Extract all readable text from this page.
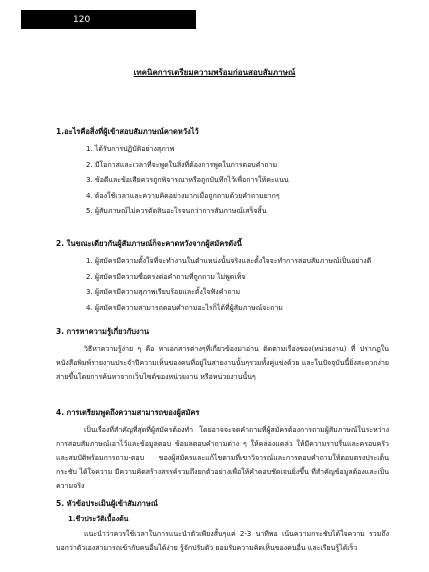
120
เทคนิคการเตรียมความพร้อมก่อนสอบสัมภาษณ์
1.อะไรคือสิ่งที่ผู้เข้าสอบสัมภาษณ์คาดหวังไว้
1. ได้รับการปฏิบัติอย่างสุภาพ
2. มีโอกาสและเวลาที่จะพูดในสิ่งที่ต้องการพูดในการตอบคำถาม
3. ข้อดีและข้อเสียควรถูกพิจารณาหรือถูกบันทึกไว้เพื่อการให้คะแนน
4. ต้องใช้เวลาและความคิดอย่างมากเมื่อถูกถามด้วยคำถามยากๆ
5. ผู้สัมภาษณ์ไม่ควรตัดสินอะไรจนกว่าการสัมภาษณ์เสร็จสิ้น
2. ในขณะเดียวกันผู้สัมภาษณ์ก็จะคาดหวังจากผู้สมัครดังนี้
1. ผู้สมัครมีความตั้งใจที่จะทำงานในตำแหน่งนั้นจริงและตั้งใจจะทำการสอบสัมภาษณ์เป็นอย่างดี
2. ผู้สมัครมีความซื่อตรงต่อคำถามที่ถูกถาม ไม่พูดเท็จ
3. ผู้สมัครมีความสุภาพเรียบร้อยและตั้งใจฟังคำถาม
4. ผู้สมัครมีความสามารถตอบคำถามอะไรก็ได้ที่ผู้สัมภาษณ์จะถาม
3. การหาความรู้เกี่ยวกับงาน

วิธีหาความรู้ง่าย ๆ คือ หาเอกสารต่างๆที่เกี่ยวข้องมาอ่าน ติดตามเรื่องของ(หน่วยงาน) ที่ ปรากฏในหนังสือพิมพ์รายงานประจำปีความเห็นของคนที่อยู่ในสายงานนั้นๆรวมทั้งคู่แข่งด้วย และในปัจจุบันนี้ยิ่งสะดวกง่ายสายขึ้นโดยการค้นหาจากเว็บไซต์ของหน่วยงาน หรือหน่วยงานนั้นๆ

4. การเตรียมพูดถึงความสามารถของผู้สมัคร

เป็นเรื่องที่สำคัญที่สุดที่ผู้สมัครต้องทำ โดยอาจจะจดคำถามที่ผู้สมัครต้องการถามผู้สัมภาษณ์ในระหว่างการสอบสัมภาษณ์เอาไว้และข้อมูลตอบ ข้อมลตอบคำถามต่าง ๆ ให้คล่องแคล่ว ให้มีความราบรื่นและครอบครัวและสมบัติพร้อมการถาม-ตอบ ของผู้สมัครและแก้ไขตามที่เขาวิจารณ์และการตอบคำถามให้ตอบตรงประเด็น กระชับ ได้ใจความ มีความคิดสร้างสรรค์รวมถึงยกตัวอย่างเพื่อให้คำตอบชัดเจนยิ่งขึ้น ที่สำคัญข้อมูลต้องและเป็นความจริง

5. หัวข้อประเมินผู้เข้าสัมภาษณ์
1.ชีวประวัติเบื้องต้น

แนะนำว่าควรใช้เวลาในการแนะนำตัวเพียงสั้นๆแค่ 2-3 นาทีพอ เน้นความกระชับได้ใจความ รวมถึงบอกว่าตัวเองสามารถเข้ากับคนอื่นได้ง่าย รู้จักปรับตัว ยอมรับความคิดเห็นของคนอื่น และเรียนรู้ได้เร็ว
